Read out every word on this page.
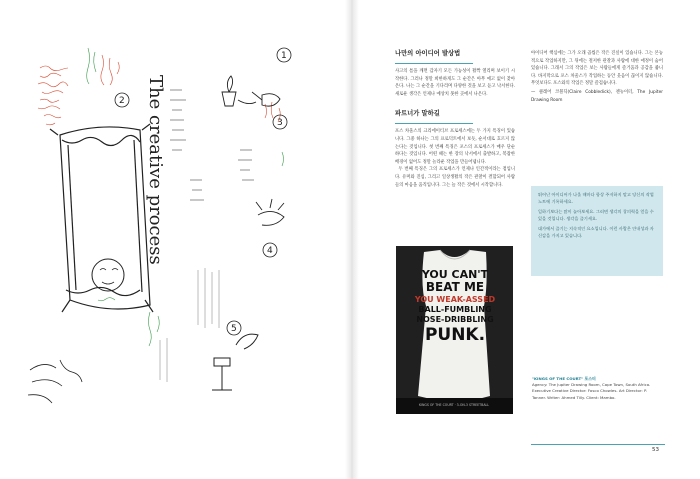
The creative process
1
2
3
4
5
나만의 아이디어 발상법

사고의 틈을 깨면 갑자기 모든 가능성이 활짝 열리며 보이기 시작한다. 그러나 정말 희한하게도 그 순간은 아무 예고 없이 찾아온다. 나는 그 순간을 기다리며 다양한 것을 보고 듣고 낙서한다. 새로운 생각은 언제나 예상치 못한 곳에서 나온다.

파트너가 말하길

포스 차울스의 크리에이티브 프로세스에는 두 가지 특징이 있습니다. 그중 하나는 그의 프로덕트에서 보듯, 순서대로 흐르지 않는다는 것입니다. 첫 번째 특징은 포스의 프로세스가 매우 단순하다는 것입니다. 어떤 때는 한 장의 낙서에서 출발하고, 복잡한 배경이 없어도 정말 놀라운 작업을 만들어냅니다.

두 번째 특징은 그의 프로세스가 언제나 인간적이라는 점입니다. 유머와 진심, 그리고 일상생활의 작은 관찰이 결합되어 사람들의 마음을 움직입니다. 그는 늘 작은 것에서 시작합니다.

아이디어 핵심에는 그가 오래 곱씹은 작은 진실이 있습니다. 그는 본능적으로 작업하지만, 그 뒤에는 철저한 관찰과 사람에 대한 애정이 숨어 있습니다. 그래서 그의 작업은 보는 사람들에게 즐거움과 공감을 줍니다. 바지막으로 포스 차울스가 작업하는 동안 웃음이 끊이지 않습니다. 무엇보다도 포스와의 작업은 정말 즐겁습니다.

— 클레어 코블딕(Claire Cobbledick), 젠뉴이터, The Jupiter Drawing Room

뛰어난 아이디어가 나올 때마다 항상 주저하지 말고 당신의 작업 노트에 기록하세요.

일하기보다는 많이 놀아보세요. 그러면 생각의 창의력을 얻을 수 있을 것입니다. 생각을 즐기세요.

대가에서 즐기는 지속적인 요소입니다. 이런 사람은 안내성과 자신감을 가지고 있습니다.

YOU CAN'T
BEAT ME
YOU WEAK-ASSED
BALL-FUMBLING
NOSE-DRIBBLING
PUNK.
KINGS OF THE COURT · 3-ON-3 STREETBALL
"KINGS OF THE COURT" 포스터
Agency: The Jupiter Drawing Room, Cape Town, South Africa. Executive Creative Director: Fosco Chowles. Art Director: P. Tanner. Writer: Ahmed Tilly. Client: Mambo.
53
